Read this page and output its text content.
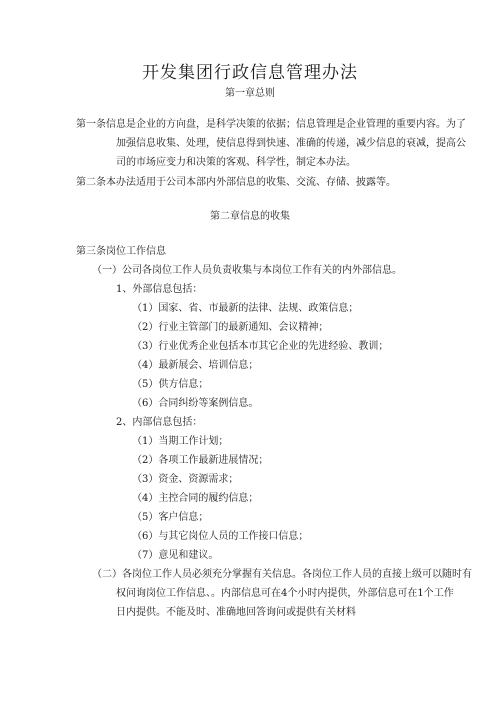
开发集团行政信息管理办法
第一章总则
第一条信息是企业的方向盘，是科学决策的依据；信息管理是企业管理的重要内容。为了
加强信息收集、处理，使信息得到快速、准确的传递，减少信息的衰减，提高公
司的市场应变力和决策的客观、科学性，制定本办法。
第二条本办法适用于公司本部内外部信息的收集、交流、存储、披露等。
第二章信息的收集
第三条岗位工作信息
（一）公司各岗位工作人员负责收集与本岗位工作有关的内外部信息。
1、外部信息包括：
（1）国家、省、市最新的法律、法规、政策信息；
（2）行业主管部门的最新通知、会议精神；
（3）行业优秀企业包括本市其它企业的先进经验、教训；
（4）最新展会、培训信息；
（5）供方信息；
（6）合同纠纷等案例信息。
2、内部信息包括：
（1）当期工作计划；
（2）各项工作最新进展情况；
（3）资金、资源需求；
（4）主控合同的履约信息；
（5）客户信息；
（6）与其它岗位人员的工作接口信息；
（7）意见和建议。
（二）各岗位工作人员必须充分掌握有关信息。各岗位工作人员的直接上级可以随时有
权问询岗位工作信息、。内部信息可在4个小时内提供，外部信息可在1个工作
日内提供。不能及时、准确地回答询问或提供有关材料
